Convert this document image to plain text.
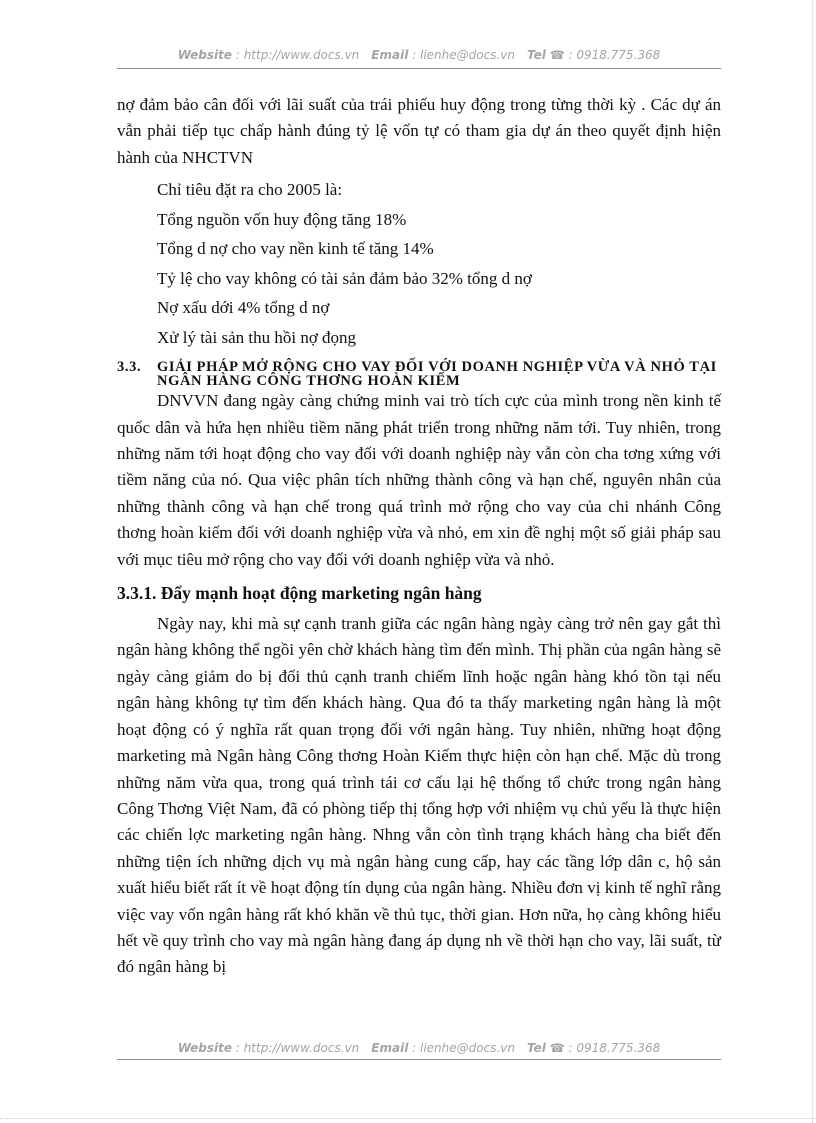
Website : http://www.docs.vn Email : lienhe@docs.vn Tel ☎ : 0918.775.368

nợ đảm bảo cân đối với lãi suất của trái phiếu huy động trong từng thời kỳ . Các dự án vẫn phải tiếp tục chấp hành đúng tỷ lệ vốn tự có tham gia dự án theo quyết định hiện hành của NHCTVN

Chỉ tiêu đặt ra cho 2005 là:

Tổng nguồn vốn huy động tăng 18%

Tổng d nợ cho vay nền kinh tế tăng 14%

Tỷ lệ cho vay không có tài sản đảm bảo 32% tổng d nợ

Nợ xấu dới 4% tổng d nợ

Xử lý tài sản thu hồi nợ đọng

3.3.	GIẢI PHÁP MỞ RỘNG CHO VAY ĐỐI VỚI DOANH NGHIỆP VỪA VÀ NHỎ TẠI NGÂN HÀNG CÔNG THƠNG HOÀN KIẾM

DNVVN đang ngày càng chứng minh vai trò tích cực của mình trong nền kinh tế quốc dân và hứa hẹn nhiều tiềm năng phát triển trong những năm tới. Tuy nhiên, trong những năm tới hoạt động cho vay đối với doanh nghiệp này vẫn còn cha tơng xứng với tiềm năng của nó. Qua việc phân tích những thành công và hạn chế, nguyên nhân của những thành công và hạn chế trong quá trình mở rộng cho vay của chi nhánh Công thơng hoàn kiếm đối với doanh nghiệp vừa và nhỏ, em xin đề nghị một số giải pháp sau với mục tiêu mở rộng cho vay đối với doanh nghiệp vừa và nhỏ.

3.3.1. Đẩy mạnh hoạt động marketing ngân hàng

Ngày nay, khi mà sự cạnh tranh giữa các ngân hàng ngày càng trở nên gay gắt thì ngân hàng không thể ngồi yên chờ khách hàng tìm đến mình. Thị phần của ngân hàng sẽ ngày càng giảm do bị đối thủ cạnh tranh chiếm lĩnh hoặc ngân hàng khó tồn tại nếu ngân hàng không tự tìm đến khách hàng. Qua đó ta thấy marketing ngân hàng là một hoạt động có ý nghĩa rất quan trọng đối với ngân hàng. Tuy nhiên, những hoạt động marketing mà Ngân hàng Công thơng Hoàn Kiếm thực hiện còn hạn chế. Mặc dù trong những năm vừa qua, trong quá trình tái cơ cấu lại hệ thống tổ chức trong ngân hàng Công Thơng Việt Nam, đã có phòng tiếp thị tổng hợp với nhiệm vụ chủ yếu là thực hiện các chiến lợc marketing ngân hàng. Nhng vẫn còn tình trạng khách hàng cha biết đến những tiện ích những dịch vụ mà ngân hàng cung cấp, hay các tầng lớp dân c, hộ sản xuất hiểu biết rất ít về hoạt động tín dụng của ngân hàng. Nhiều đơn vị kinh tế nghĩ rằng việc vay vốn ngân hàng rất khó khăn về thủ tục, thời gian. Hơn nữa, họ càng không hiểu hết về quy trình cho vay mà ngân hàng đang áp dụng nh về thời hạn cho vay, lãi suất, từ đó ngân hàng bị

Website : http://www.docs.vn Email : lienhe@docs.vn Tel ☎ : 0918.775.368
